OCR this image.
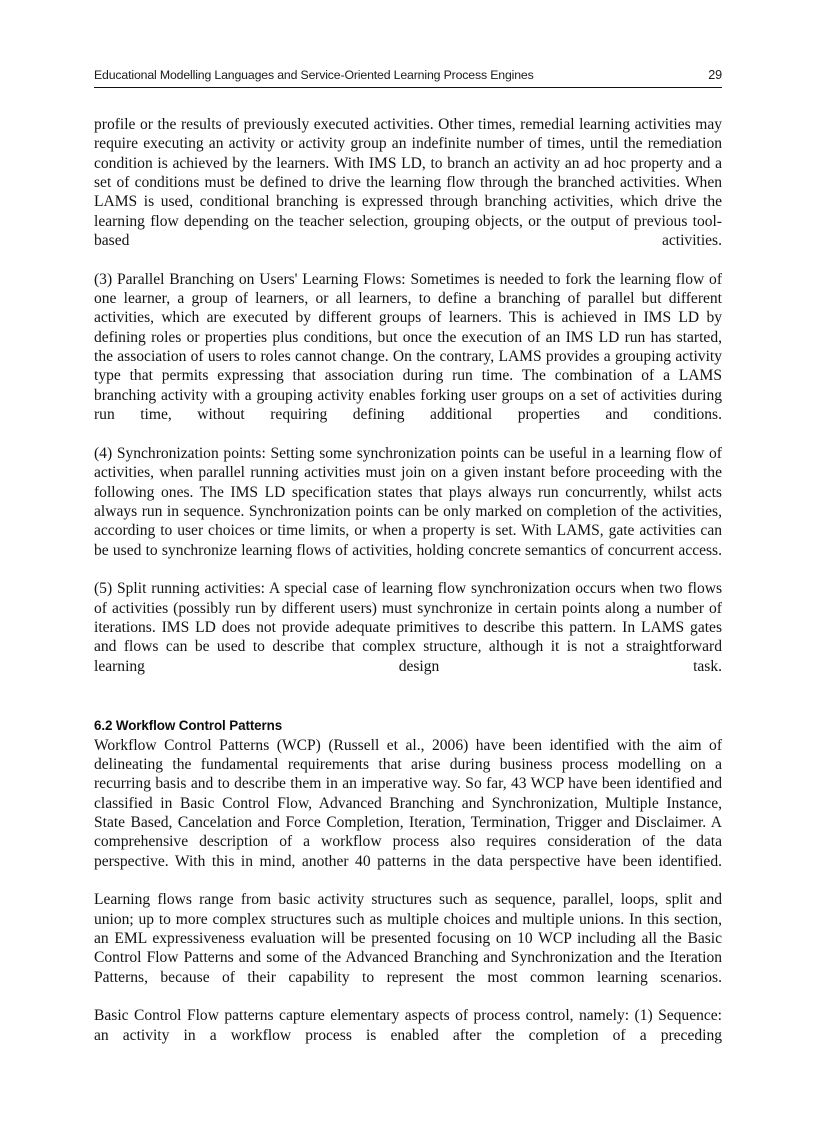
Educational Modelling Languages and Service-Oriented Learning Process Engines	29

profile or the results of previously executed activities. Other times, remedial learning activities may require executing an activity or activity group an indefinite number of times, until the remediation condition is achieved by the learners. With IMS LD, to branch an activity an ad hoc property and a set of conditions must be defined to drive the learning flow through the branched activities. When LAMS is used, conditional branching is expressed through branching activities, which drive the learning flow depending on the teacher selection, grouping objects, or the output of previous tool-based activities.

(3) Parallel Branching on Users' Learning Flows: Sometimes is needed to fork the learning flow of one learner, a group of learners, or all learners, to define a branching of parallel but different activities, which are executed by different groups of learners. This is achieved in IMS LD by defining roles or properties plus conditions, but once the execution of an IMS LD run has started, the association of users to roles cannot change. On the contrary, LAMS provides a grouping activity type that permits expressing that association during run time. The combination of a LAMS branching activity with a grouping activity enables forking user groups on a set of activities during run time, without requiring defining additional properties and conditions.

(4) Synchronization points: Setting some synchronization points can be useful in a learning flow of activities, when parallel running activities must join on a given instant before proceeding with the following ones. The IMS LD specification states that plays always run concurrently, whilst acts always run in sequence. Synchronization points can be only marked on completion of the activities, according to user choices or time limits, or when a property is set. With LAMS, gate activities can be used to synchronize learning flows of activities, holding concrete semantics of concurrent access.

(5) Split running activities: A special case of learning flow synchronization occurs when two flows of activities (possibly run by different users) must synchronize in certain points along a number of iterations. IMS LD does not provide adequate primitives to describe this pattern. In LAMS gates and flows can be used to describe that complex structure, although it is not a straightforward learning design task.

6.2 Workflow Control Patterns

Workflow Control Patterns (WCP) (Russell et al., 2006) have been identified with the aim of delineating the fundamental requirements that arise during business process modelling on a recurring basis and to describe them in an imperative way. So far, 43 WCP have been identified and classified in Basic Control Flow, Advanced Branching and Synchronization, Multiple Instance, State Based, Cancelation and Force Completion, Iteration, Termination, Trigger and Disclaimer. A comprehensive description of a workflow process also requires consideration of the data perspective. With this in mind, another 40 patterns in the data perspective have been identified.

Learning flows range from basic activity structures such as sequence, parallel, loops, split and union; up to more complex structures such as multiple choices and multiple unions. In this section, an EML expressiveness evaluation will be presented focusing on 10 WCP including all the Basic Control Flow Patterns and some of the Advanced Branching and Synchronization and the Iteration Patterns, because of their capability to represent the most common learning scenarios.

Basic Control Flow patterns capture elementary aspects of process control, namely: (1) Sequence: an activity in a workflow process is enabled after the completion of a preceding
